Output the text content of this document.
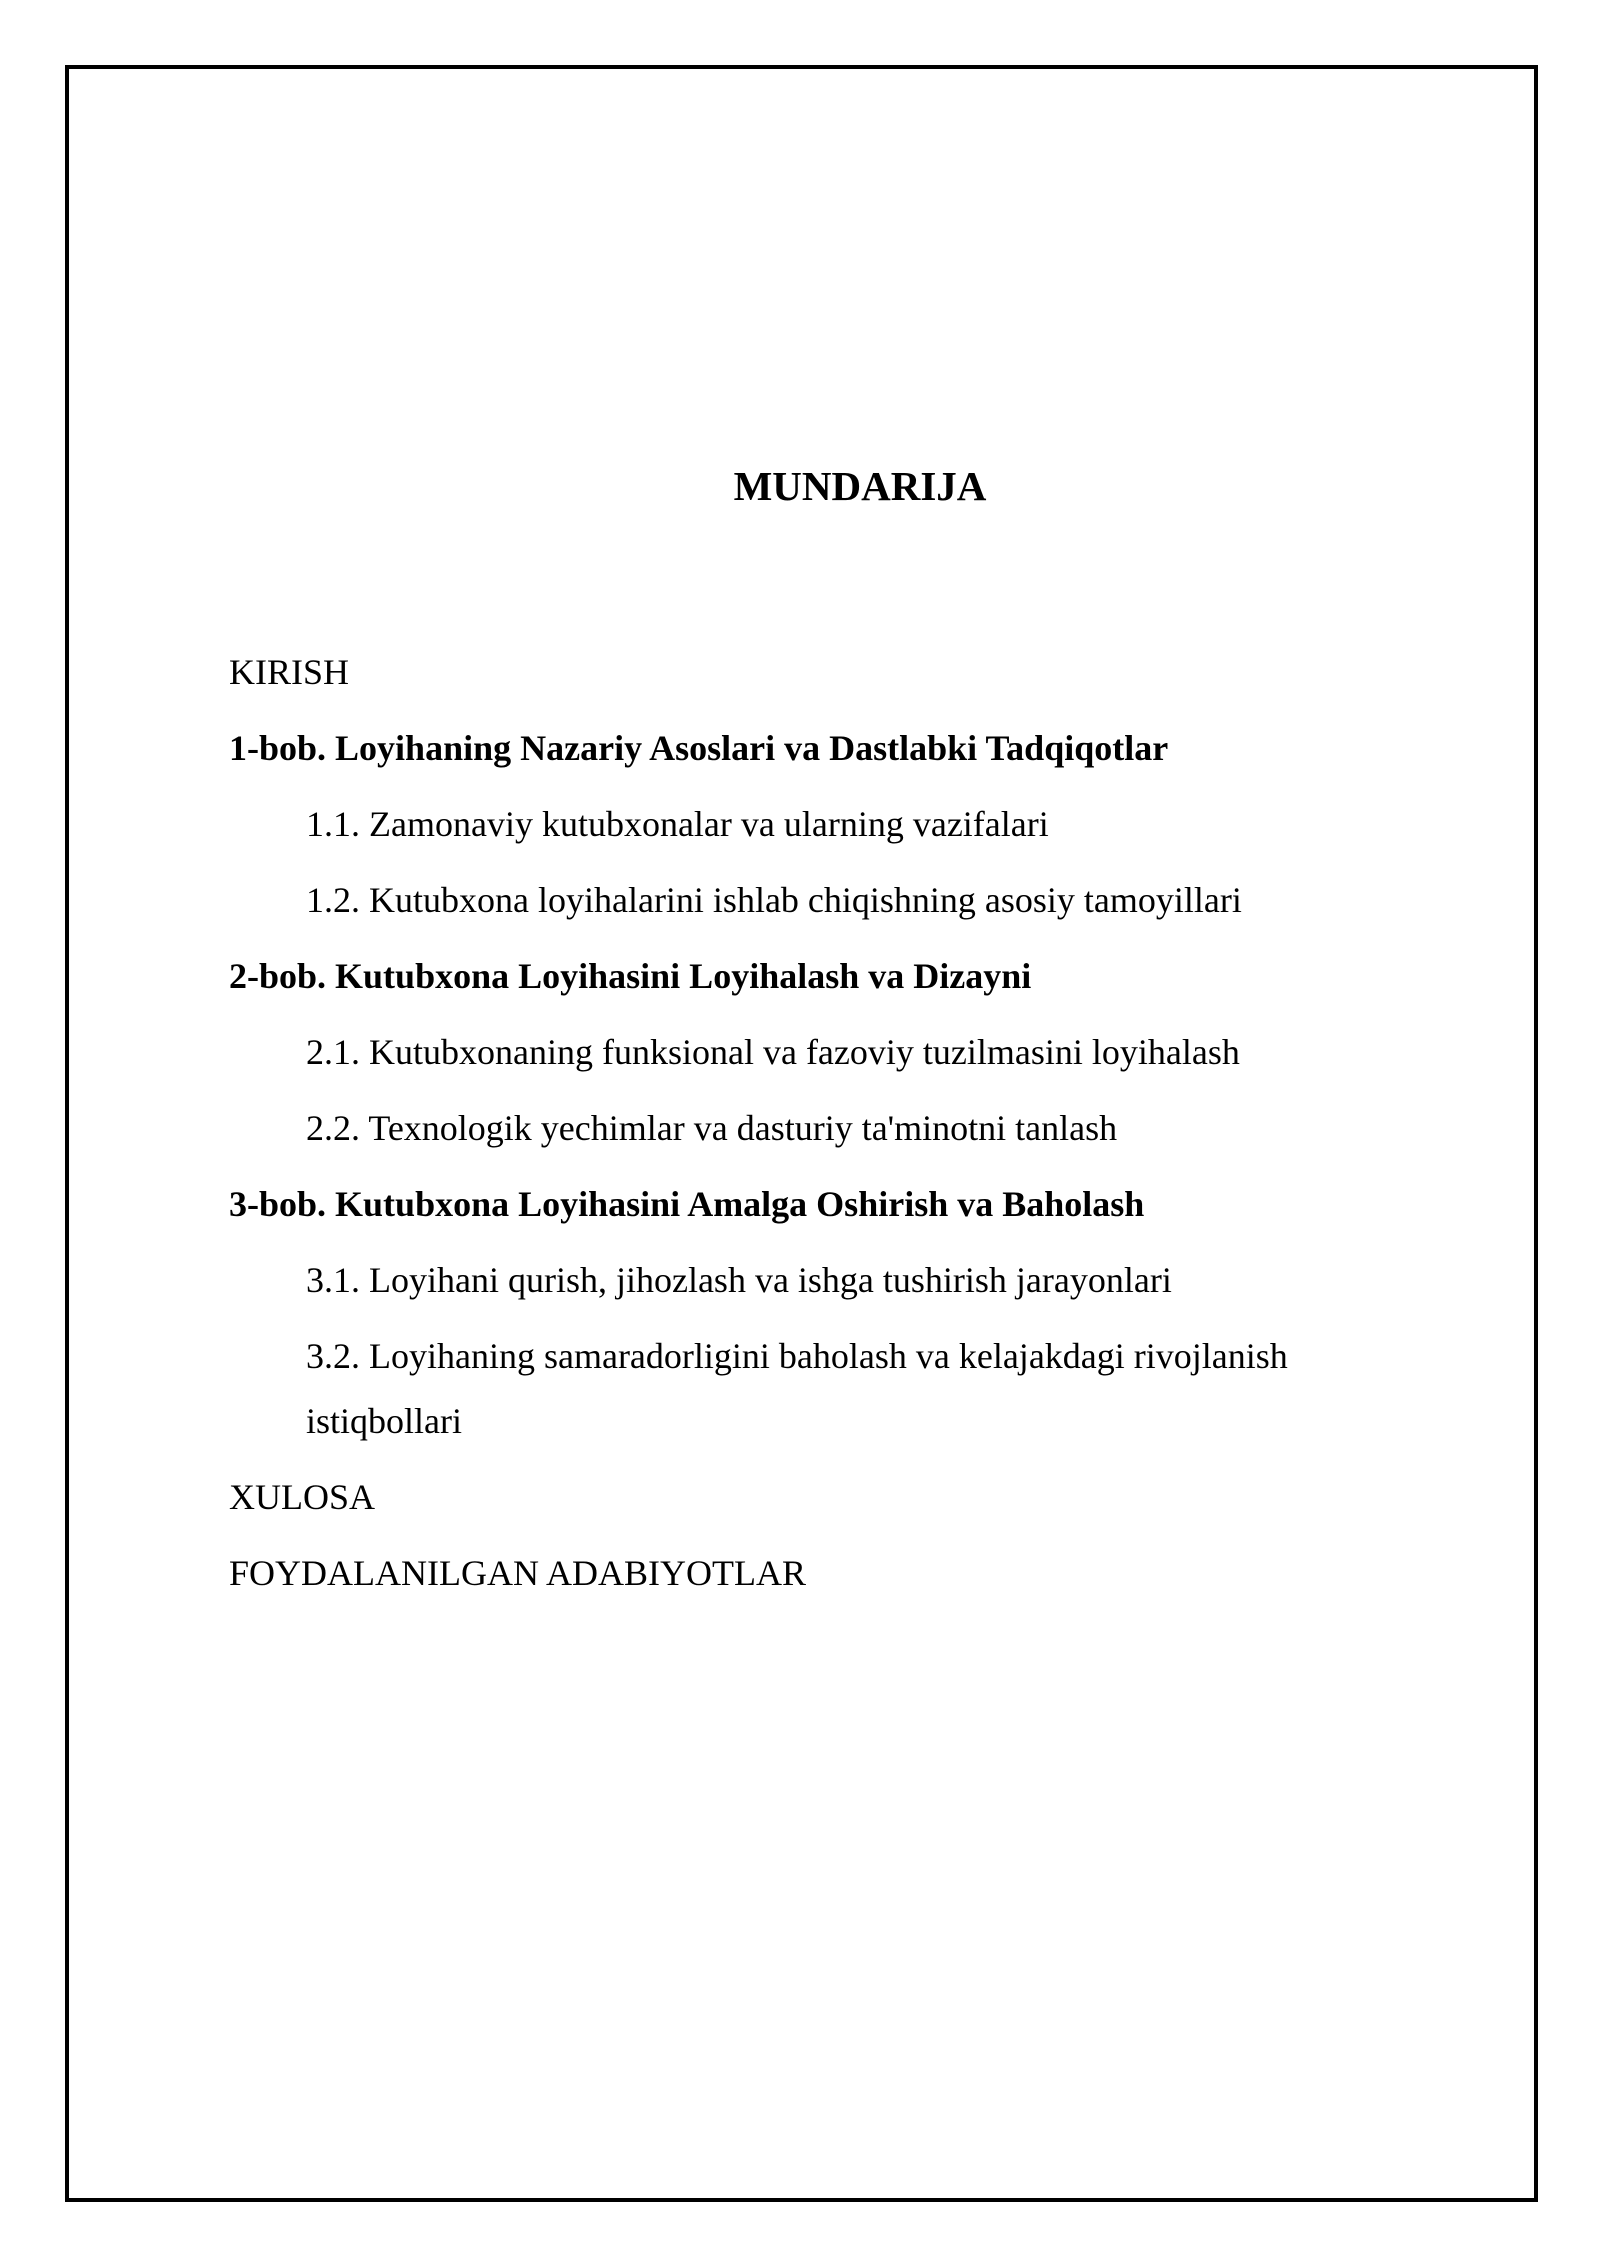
MUNDARIJA
KIRISH
1-bob. Loyihaning Nazariy Asoslari va Dastlabki Tadqiqotlar
1.1. Zamonaviy kutubxonalar va ularning vazifalari
1.2. Kutubxona loyihalarini ishlab chiqishning asosiy tamoyillari
2-bob. Kutubxona Loyihasini Loyihalash va Dizayni
2.1. Kutubxonaning funksional va fazoviy tuzilmasini loyihalash
2.2. Texnologik yechimlar va dasturiy ta'minotni tanlash
3-bob. Kutubxona Loyihasini Amalga Oshirish va Baholash
3.1. Loyihani qurish, jihozlash va ishga tushirish jarayonlari
3.2. Loyihaning samaradorligini baholash va kelajakdagi rivojlanish istiqbollari
XULOSA
FOYDALANILGAN ADABIYOTLAR
